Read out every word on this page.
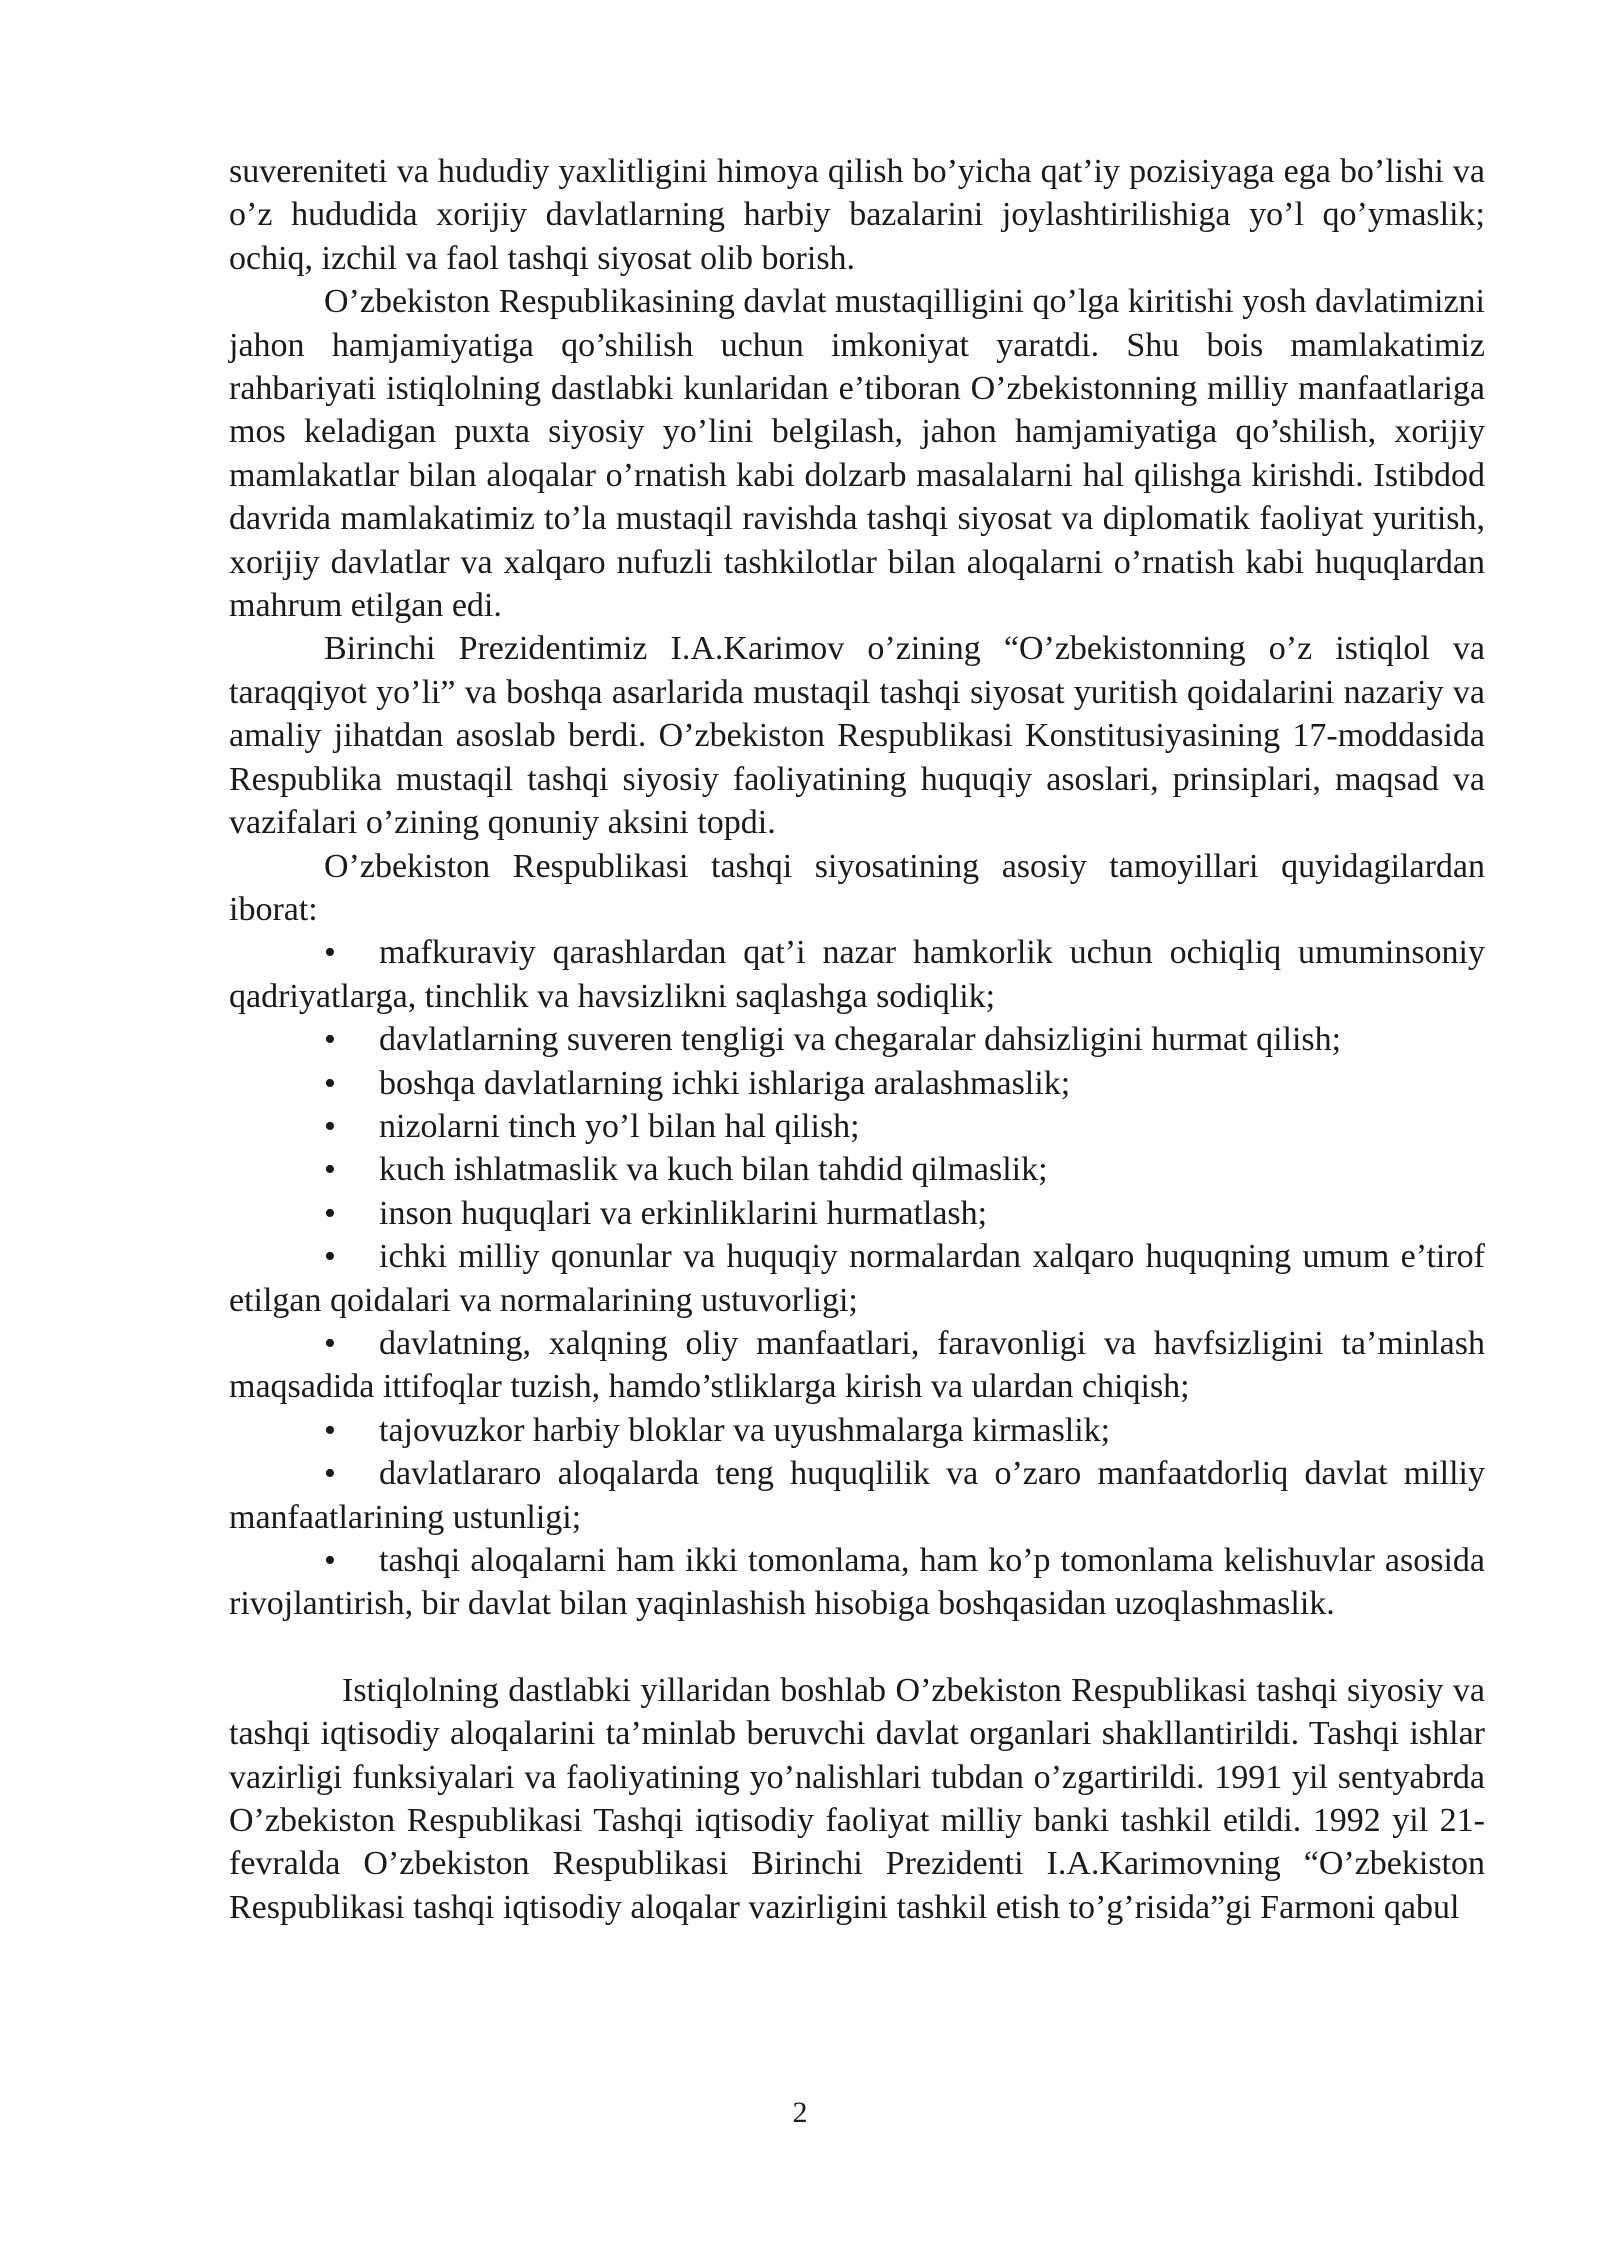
suvereniteti va hududiy yaxlitligini himoya qilish bo’yicha qat’iy pozisiyaga ega bo’lishi va o’z hududida xorijiy davlatlarning harbiy bazalarini joylashtirilishiga yo’l qo’ymaslik; ochiq, izchil va faol tashqi siyosat olib borish.

O’zbekiston Respublikasining davlat mustaqilligini qo’lga kiritishi yosh davlatimizni jahon hamjamiyatiga qo’shilish uchun imkoniyat yaratdi. Shu bois mamlakatimiz rahbariyati istiqlolning dastlabki kunlaridan e’tiboran O’zbekistonning milliy manfaatlariga mos keladigan puxta siyosiy yo’lini belgilash, jahon hamjamiyatiga qo’shilish, xorijiy mamlakatlar bilan aloqalar o’rnatish kabi dolzarb masalalarni hal qilishga kirishdi. Istibdod davrida mamlakatimiz to’la mustaqil ravishda tashqi siyosat va diplomatik faoliyat yuritish, xorijiy davlatlar va xalqaro nufuzli tashkilotlar bilan aloqalarni o’rnatish kabi huquqlardan mahrum etilgan edi.

Birinchi Prezidentimiz I.A.Karimov o’zining “O’zbekistonning o’z istiqlol va taraqqiyot yo’li” va boshqa asarlarida mustaqil tashqi siyosat yuritish qoidalarini nazariy va amaliy jihatdan asoslab berdi. O’zbekiston Respublikasi Konstitusiyasining 17-moddasida Respublika mustaqil tashqi siyosiy faoliyatining huquqiy asoslari, prinsiplari, maqsad va vazifalari o’zining qonuniy aksini topdi.

O’zbekiston Respublikasi tashqi siyosatining asosiy tamoyillari quyidagilardan iborat:

• mafkuraviy qarashlardan qat’i nazar hamkorlik uchun ochiqliq umuminsoniy qadriyatlarga, tinchlik va havsizlikni saqlashga sodiqlik;

• davlatlarning suveren tengligi va chegaralar dahsizligini hurmat qilish;

• boshqa davlatlarning ichki ishlariga aralashmaslik;

• nizolarni tinch yo’l bilan hal qilish;

• kuch ishlatmaslik va kuch bilan tahdid qilmaslik;

• inson huquqlari va erkinliklarini hurmatlash;

• ichki milliy qonunlar va huquqiy normalardan xalqaro huquqning umum e’tirof etilgan qoidalari va normalarining ustuvorligi;

• davlatning, xalqning oliy manfaatlari, faravonligi va havfsizligini ta’minlash maqsadida ittifoqlar tuzish, hamdo’stliklarga kirish va ulardan chiqish;

• tajovuzkor harbiy bloklar va uyushmalarga kirmaslik;

• davlatlararo aloqalarda teng huquqlilik va o’zaro manfaatdorliq davlat milliy manfaatlarining ustunligi;

• tashqi aloqalarni ham ikki tomonlama, ham ko’p tomonlama kelishuvlar asosida rivojlantirish, bir davlat bilan yaqinlashish hisobiga boshqasidan uzoqlashmaslik.

Istiqlolning dastlabki yillaridan boshlab O’zbekiston Respublikasi tashqi siyosiy va tashqi iqtisodiy aloqalarini ta’minlab beruvchi davlat organlari shakllantirildi. Tashqi ishlar vazirligi funksiyalari va faoliyatining yo’nalishlari tubdan o’zgartirildi. 1991 yil sentyabrda O’zbekiston Respublikasi Tashqi iqtisodiy faoliyat milliy banki tashkil etildi. 1992 yil 21-fevralda O’zbekiston Respublikasi Birinchi Prezidenti I.A.Karimovning “O’zbekiston Respublikasi tashqi iqtisodiy aloqalar vazirligini tashkil etish to’g’risida”gi Farmoni qabul

2
